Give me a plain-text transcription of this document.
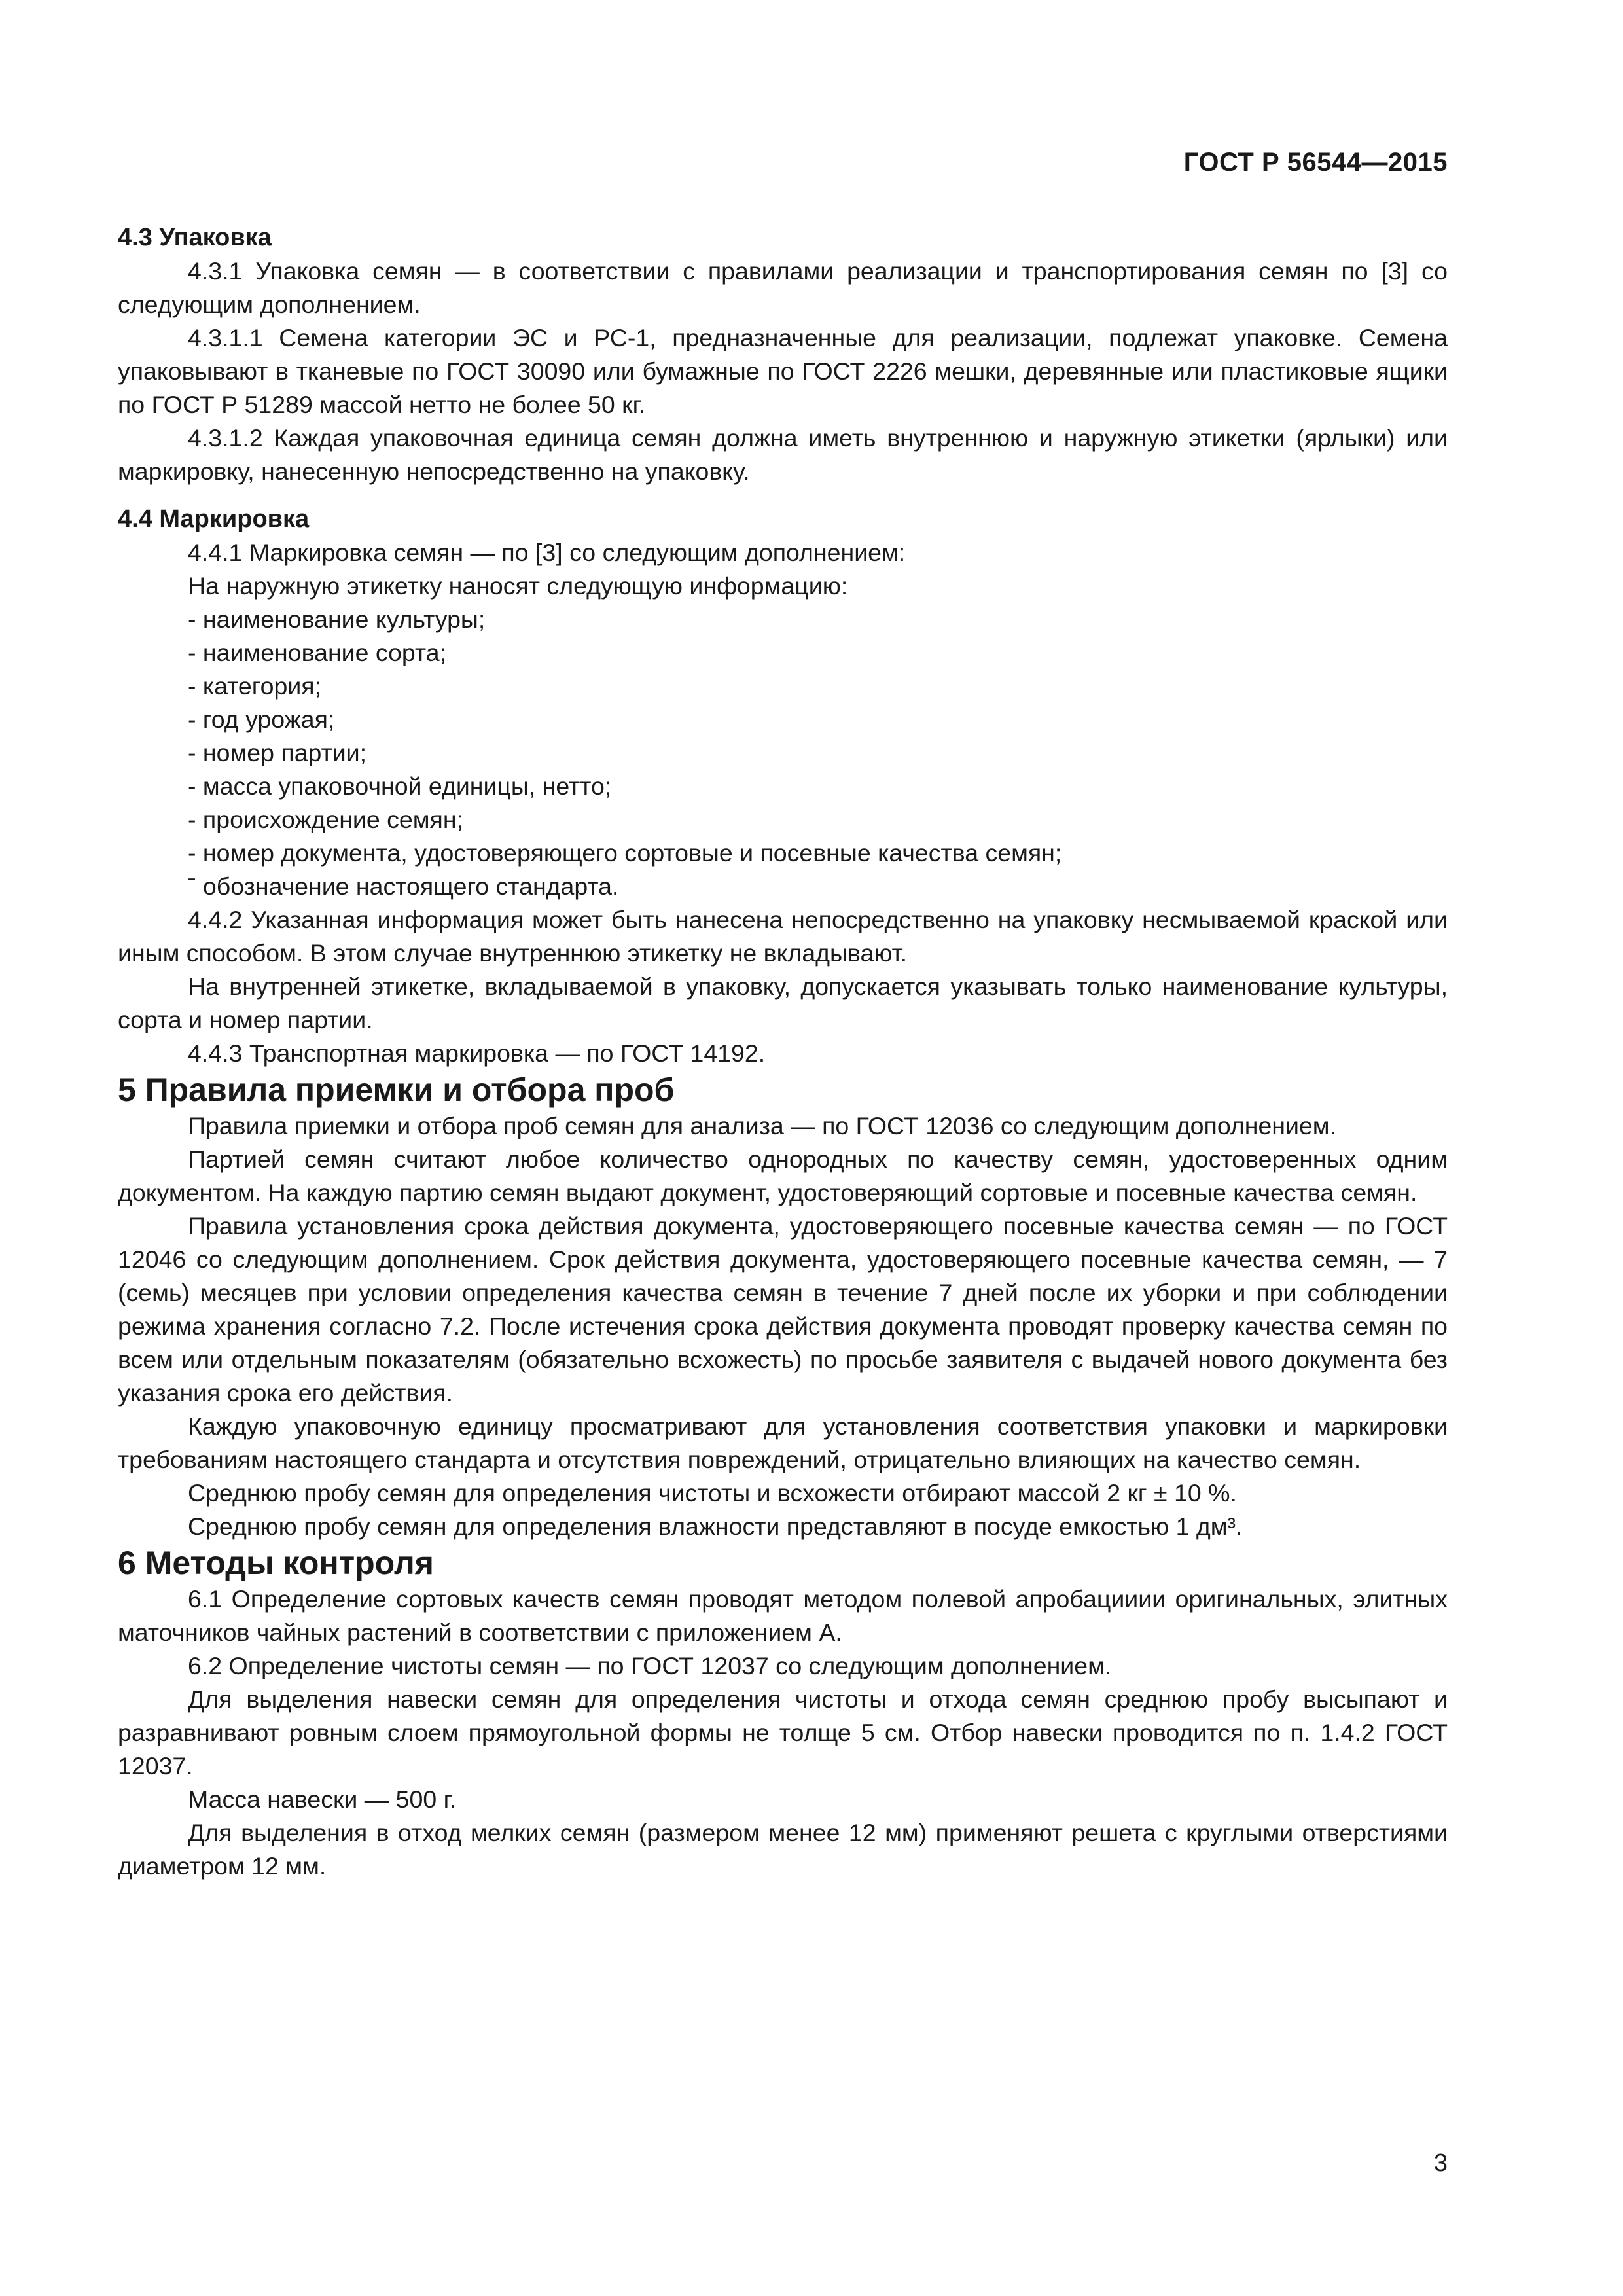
ГОСТ Р 56544—2015

4.3 Упаковка

4.3.1 Упаковка семян — в соответствии с правилами реализации и транспортирования семян по [3] со следующим дополнением.

4.3.1.1 Семена категории ЭС и РС-1, предназначенные для реализации, подлежат упаковке. Семена упаковывают в тканевые по ГОСТ 30090 или бумажные по ГОСТ 2226 мешки, деревянные или пластиковые ящики по ГОСТ Р 51289 массой нетто не более 50 кг.

4.3.1.2 Каждая упаковочная единица семян должна иметь внутреннюю и наружную этикетки (ярлыки) или маркировку, нанесенную непосредственно на упаковку.

4.4 Маркировка

4.4.1 Маркировка семян — по [3] со следующим дополнением:

На наружную этикетку наносят следующую информацию:

- наименование культуры;

- наименование сорта;

- категория;

- год урожая;

- номер партии;

- масса упаковочной единицы, нетто;

- происхождение семян;

- номер документа, удостоверяющего сортовые и посевные качества семян;

ˉ обозначение настоящего стандарта.

4.4.2 Указанная информация может быть нанесена непосредственно на упаковку несмываемой краской или иным способом. В этом случае внутреннюю этикетку не вкладывают.

На внутренней этикетке, вкладываемой в упаковку, допускается указывать только наименование культуры, сорта и номер партии.

4.4.3 Транспортная маркировка — по ГОСТ 14192.

5 Правила приемки и отбора проб

Правила приемки и отбора проб семян для анализа — по ГОСТ 12036 со следующим дополнением.

Партией семян считают любое количество однородных по качеству семян, удостоверенных одним документом. На каждую партию семян выдают документ, удостоверяющий сортовые и посевные качества семян.

Правила установления срока действия документа, удостоверяющего посевные качества семян — по ГОСТ 12046 со следующим дополнением. Срок действия документа, удостоверяющего посевные качества семян, — 7 (семь) месяцев при условии определения качества семян в течение 7 дней после их уборки и при соблюдении режима хранения согласно 7.2. После истечения срока действия документа проводят проверку качества семян по всем или отдельным показателям (обязательно всхожесть) по просьбе заявителя с выдачей нового документа без указания срока его действия.

Каждую упаковочную единицу просматривают для установления соответствия упаковки и маркировки требованиям настоящего стандарта и отсутствия повреждений, отрицательно влияющих на качество семян.

Среднюю пробу семян для определения чистоты и всхожести отбирают массой 2 кг ± 10 %.

Среднюю пробу семян для определения влажности представляют в посуде емкостью 1 дм³.

6 Методы контроля

6.1 Определение сортовых качеств семян проводят методом полевой апробацииии оригинальных, элитных маточников чайных растений в соответствии с приложением А.

6.2 Определение чистоты семян — по ГОСТ 12037 со следующим дополнением.

Для выделения навески семян для определения чистоты и отхода семян среднюю пробу высыпают и разравнивают ровным слоем прямоугольной формы не толще 5 см. Отбор навески проводится по п. 1.4.2 ГОСТ 12037.

Масса навески — 500 г.

Для выделения в отход мелких семян (размером менее 12 мм) применяют решета с круглыми отверстиями диаметром 12 мм.

3
